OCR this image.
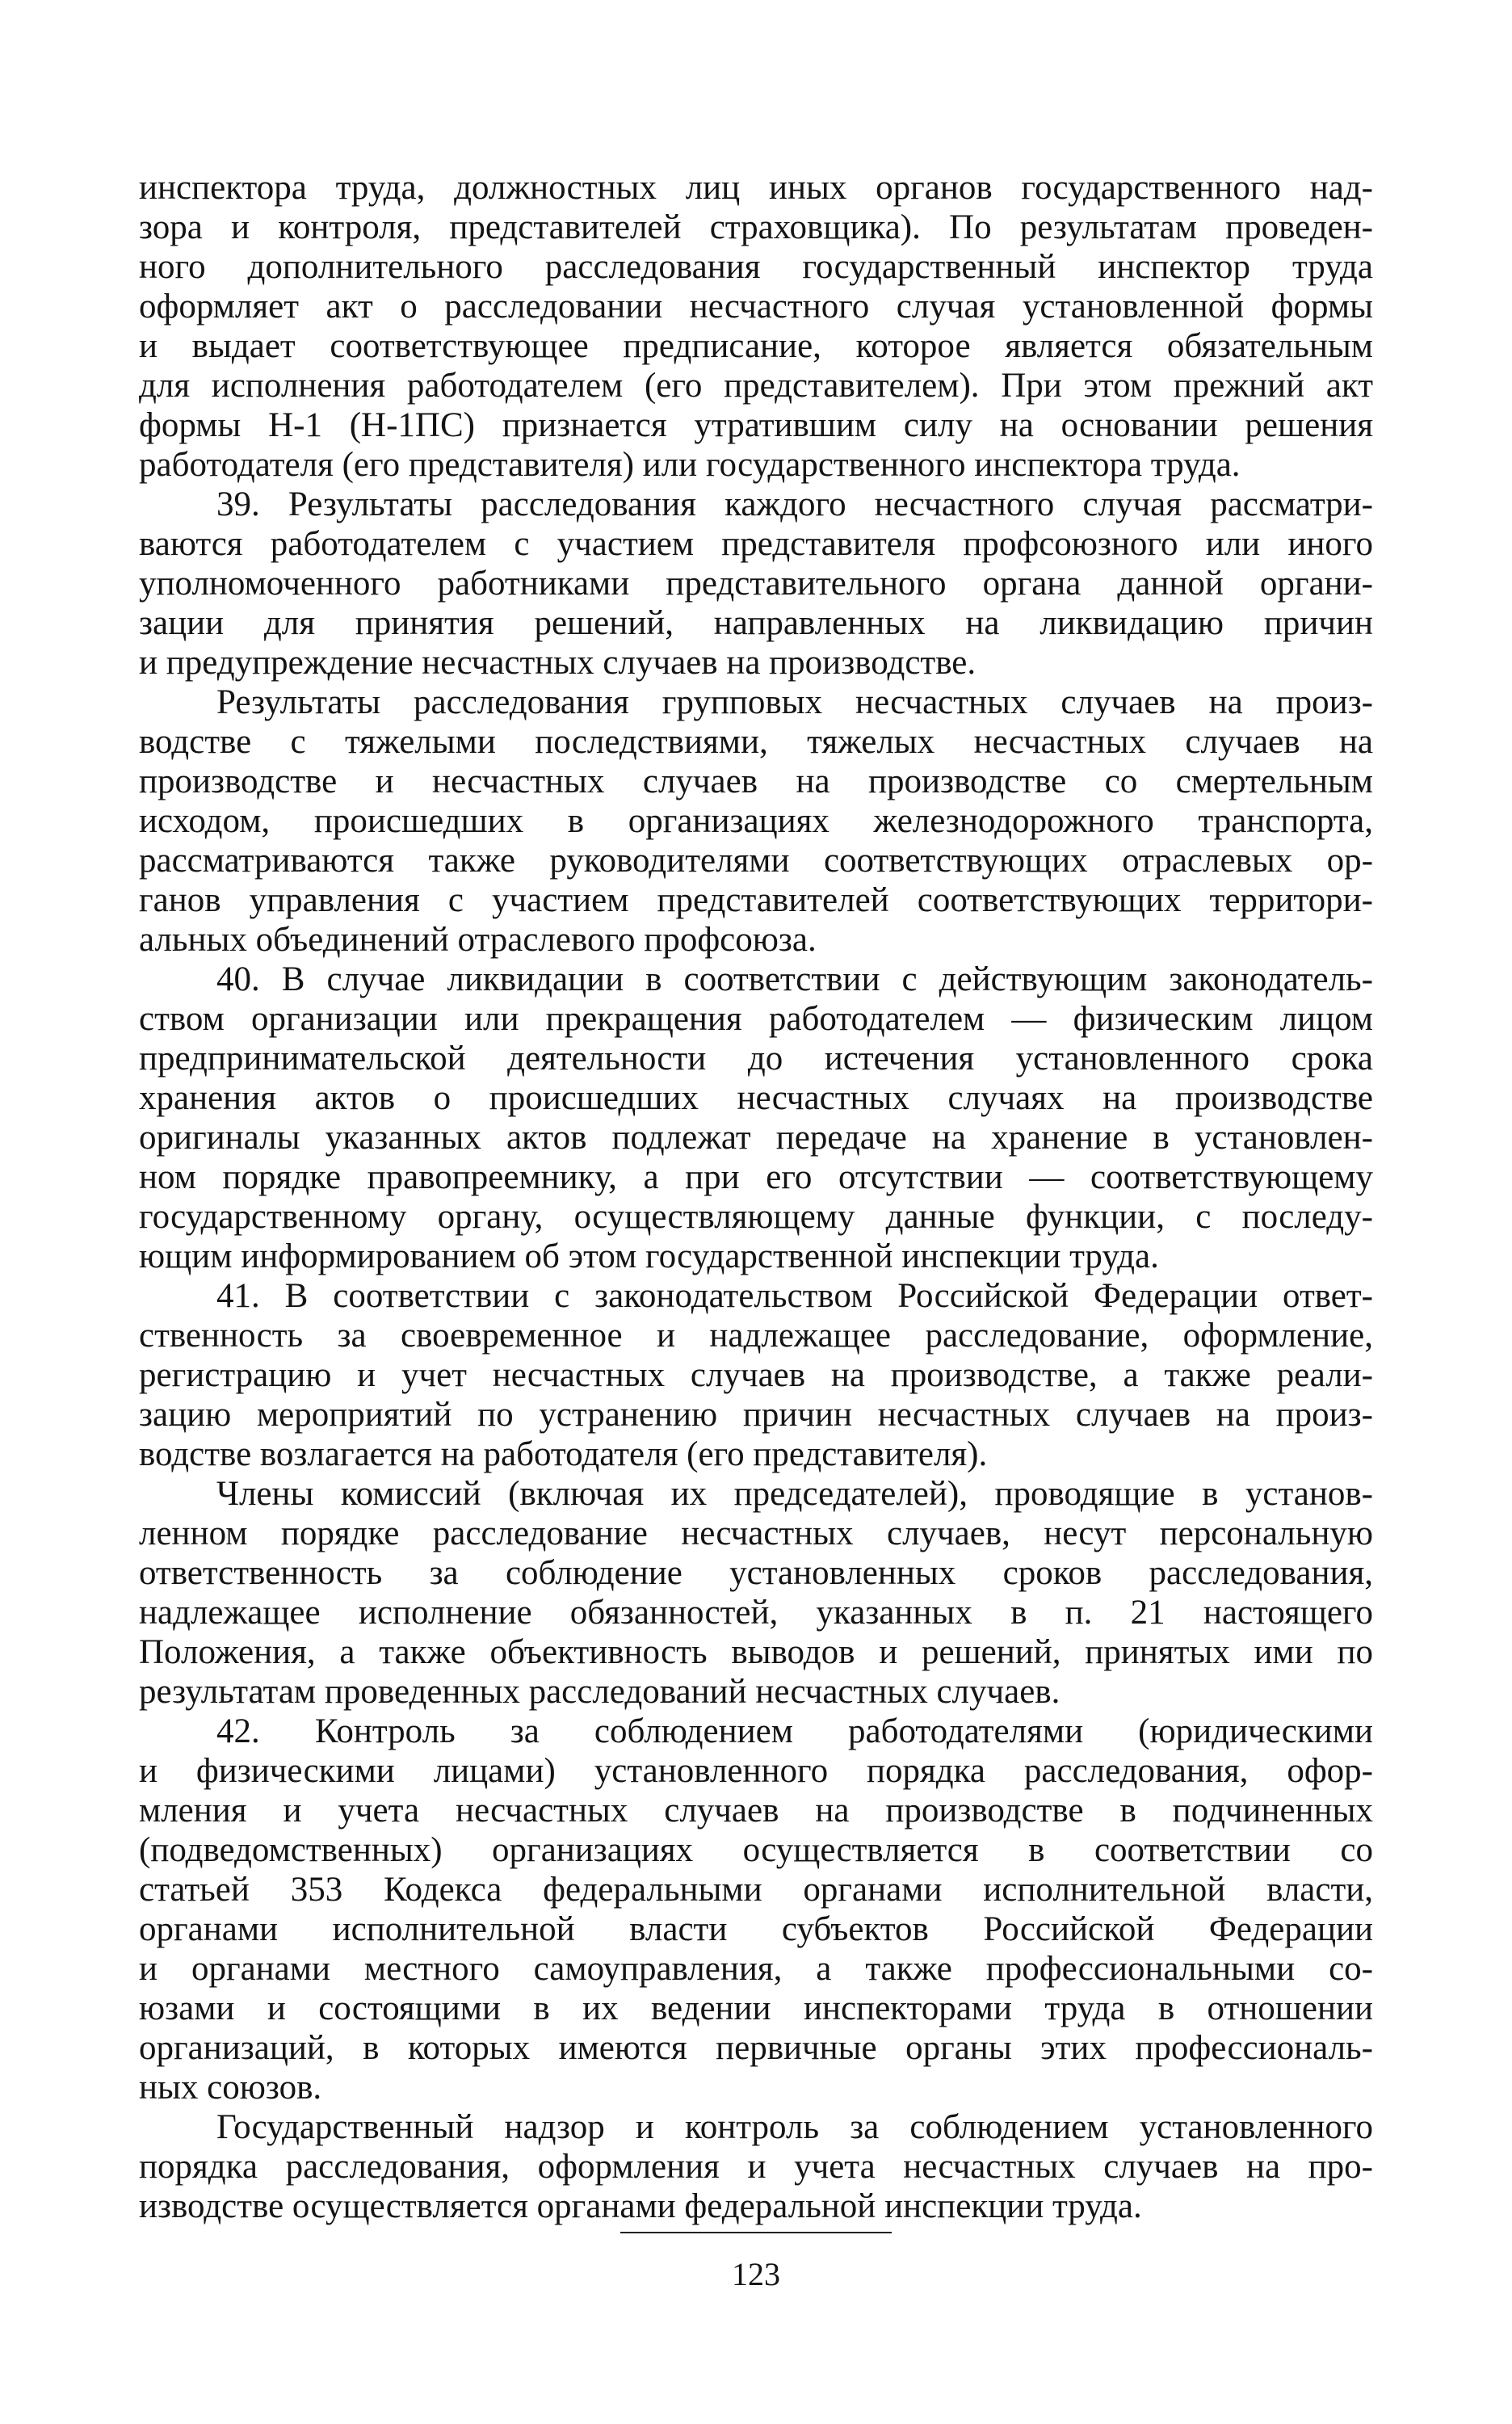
инспектора труда, должностных лиц иных органов государственного над-
зора и контроля, представителей страховщика). По результатам проведен-
ного дополнительного расследования государственный инспектор труда
оформляет акт о расследовании несчастного случая установленной формы
и выдает соответствующее предписание, которое является обязательным
для исполнения работодателем (его представителем). При этом прежний акт
формы Н-1 (Н-1ПС) признается утратившим силу на основании решения
работодателя (его представителя) или государственного инспектора труда.
39. Результаты расследования каждого несчастного случая рассматри-
ваются работодателем с участием представителя профсоюзного или иного
уполномоченного работниками представительного органа данной органи-
зации для принятия решений, направленных на ликвидацию причин
и предупреждение несчастных случаев на производстве.
Результаты расследования групповых несчастных случаев на произ-
водстве с тяжелыми последствиями, тяжелых несчастных случаев на
производстве и несчастных случаев на производстве со смертельным
исходом, происшедших в организациях железнодорожного транспорта,
рассматриваются также руководителями соответствующих отраслевых ор-
ганов управления с участием представителей соответствующих территори-
альных объединений отраслевого профсоюза.
40. В случае ликвидации в соответствии с действующим законодатель-
ством организации или прекращения работодателем — физическим лицом
предпринимательской деятельности до истечения установленного срока
хранения актов о происшедших несчастных случаях на производстве
оригиналы указанных актов подлежат передаче на хранение в установлен-
ном порядке правопреемнику, а при его отсутствии — соответствующему
государственному органу, осуществляющему данные функции, с последу-
ющим информированием об этом государственной инспекции труда.
41. В соответствии с законодательством Российской Федерации ответ-
ственность за своевременное и надлежащее расследование, оформление,
регистрацию и учет несчастных случаев на производстве, а также реали-
зацию мероприятий по устранению причин несчастных случаев на произ-
водстве возлагается на работодателя (его представителя).
Члены комиссий (включая их председателей), проводящие в установ-
ленном порядке расследование несчастных случаев, несут персональную
ответственность за соблюдение установленных сроков расследования,
надлежащее исполнение обязанностей, указанных в п. 21 настоящего
Положения, а также объективность выводов и решений, принятых ими по
результатам проведенных расследований несчастных случаев.
42. Контроль за соблюдением работодателями (юридическими
и физическими лицами) установленного порядка расследования, офор-
мления и учета несчастных случаев на производстве в подчиненных
(подведомственных) организациях осуществляется в соответствии со
статьей 353 Кодекса федеральными органами исполнительной власти,
органами исполнительной власти субъектов Российской Федерации
и органами местного самоуправления, а также профессиональными со-
юзами и состоящими в их ведении инспекторами труда в отношении
организаций, в которых имеются первичные органы этих профессиональ-
ных союзов.
Государственный надзор и контроль за соблюдением установленного
порядка расследования, оформления и учета несчастных случаев на про-
изводстве осуществляется органами федеральной инспекции труда.
123
